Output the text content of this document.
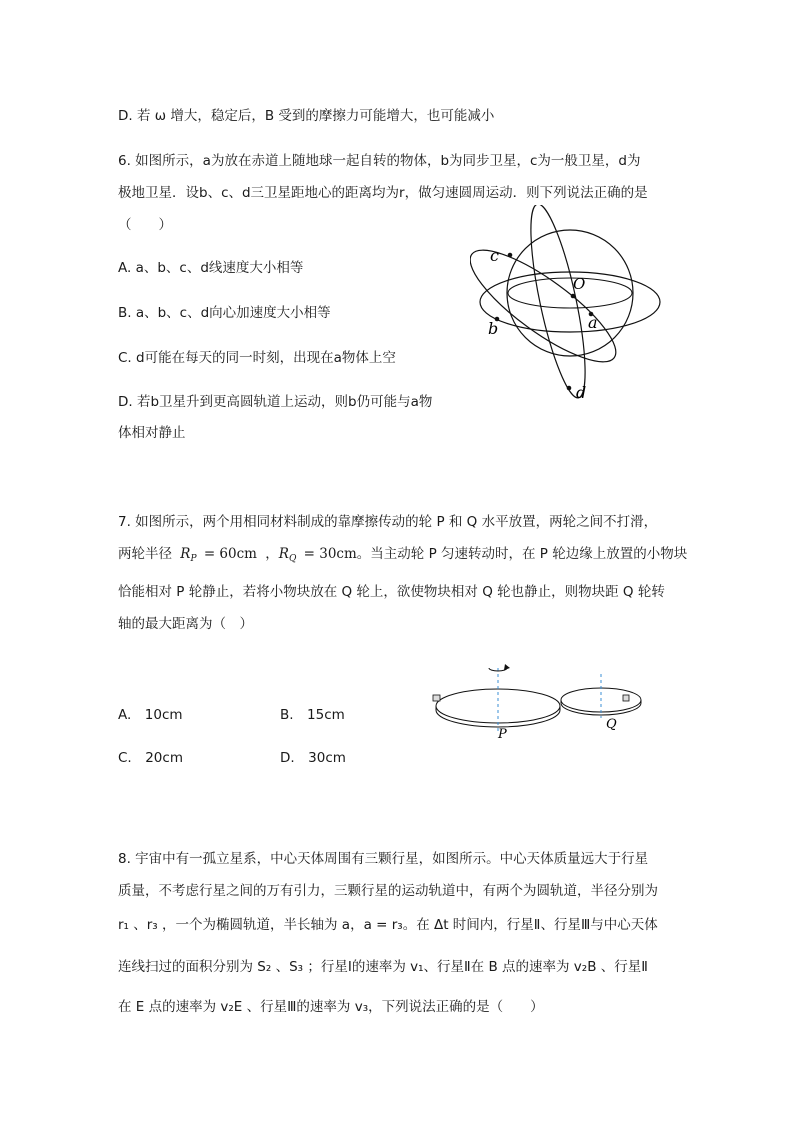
D. 若 ω 增大，稳定后，B 受到的摩擦力可能增大，也可能减小
6. 如图所示，a为放在赤道上随地球一起自转的物体，b为同步卫星，c为一般卫星，d为
极地卫星．设b、c、d三卫星距地心的距离均为r，做匀速圆周运动．则下列说法正确的是
（　　）
A. a、b、c、d线速度大小相等
B. a、b、c、d向心加速度大小相等
C. d可能在每天的同一时刻，出现在a物体上空
D. 若b卫星升到更高圆轨道上运动，则b仍可能与a物
体相对静止
c
O
a
b
d
7. 如图所示，两个用相同材料制成的靠摩擦传动的轮 P 和 Q 水平放置，两轮之间不打滑，
两轮半径 $R_P = 60cm$ ，$R_Q = 30cm$。当主动轮 P 匀速转动时，在 P 轮边缘上放置的小物块
恰能相对 P 轮静止，若将小物块放在 Q 轮上，欲使物块相对 Q 轮也静止，则物块距 Q 轮转
轴的最大距离为（　）
A.　10cm	B.　15cm
C.　20cm	D.　30cm
P
Q
8. 宇宙中有一孤立星系，中心天体周围有三颗行星，如图所示。中心天体质量远大于行星
质量，不考虑行星之间的万有引力，三颗行星的运动轨道中，有两个为圆轨道，半径分别为
r₁ 、r₃ ，一个为椭圆轨道，半长轴为 a，a = r₃。在 Δt 时间内，行星Ⅱ、行星Ⅲ与中心天体
连线扫过的面积分别为 S₂ 、S₃ ；行星Ⅰ的速率为 v₁、行星Ⅱ在 B 点的速率为 v₂B 、行星Ⅱ
在 E 点的速率为 v₂E 、行星Ⅲ的速率为 v₃，下列说法正确的是（　　）
